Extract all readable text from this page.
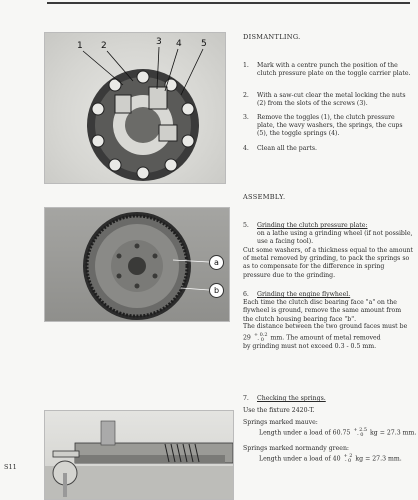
1 2	3 4 5
DISMANTLING.
1.	Mark with a centre punch the position of the clutch pressure plate on the toggle carrier plate.
2.	With a saw-cut clear the metal locking the nuts (2) from the slots of the screws (3).
3.	Remove the toggles (1), the clutch pressure plate, the wavy washers, the springs, the cups (5), the toggle springs (4).
4.	Clean all the parts.
a
b
ASSEMBLY.
5.	Grinding the clutch pressure plate:
on a lathe using a grinding wheel (if not possible, use a facing tool).
Cut some washers, of a thickness equal to the amount of metal removed by grinding, to pack the springs so as to compensate for the difference in spring pressure due to the grinding.
6.	Grinding the engine flywheel.
Each time the clutch disc bearing face "a" on the flywheel is ground, remove the same amount from the clutch housing bearing face "b".
The distance between the two ground faces must be
29 + 0.2
- 0 mm. The amount of metal removed
by grinding must not exceed 0.3 - 0.5 mm.
7.	Checking the springs.
Use the fixture 2420-T.
Springs marked mauve:
Length under a load of 60.75 + 2.5
- 0 kg = 27.3 mm.
Springs marked normandy green:
Length under a load of 40 + 2
- 0 kg = 27.3 mm.
S11
